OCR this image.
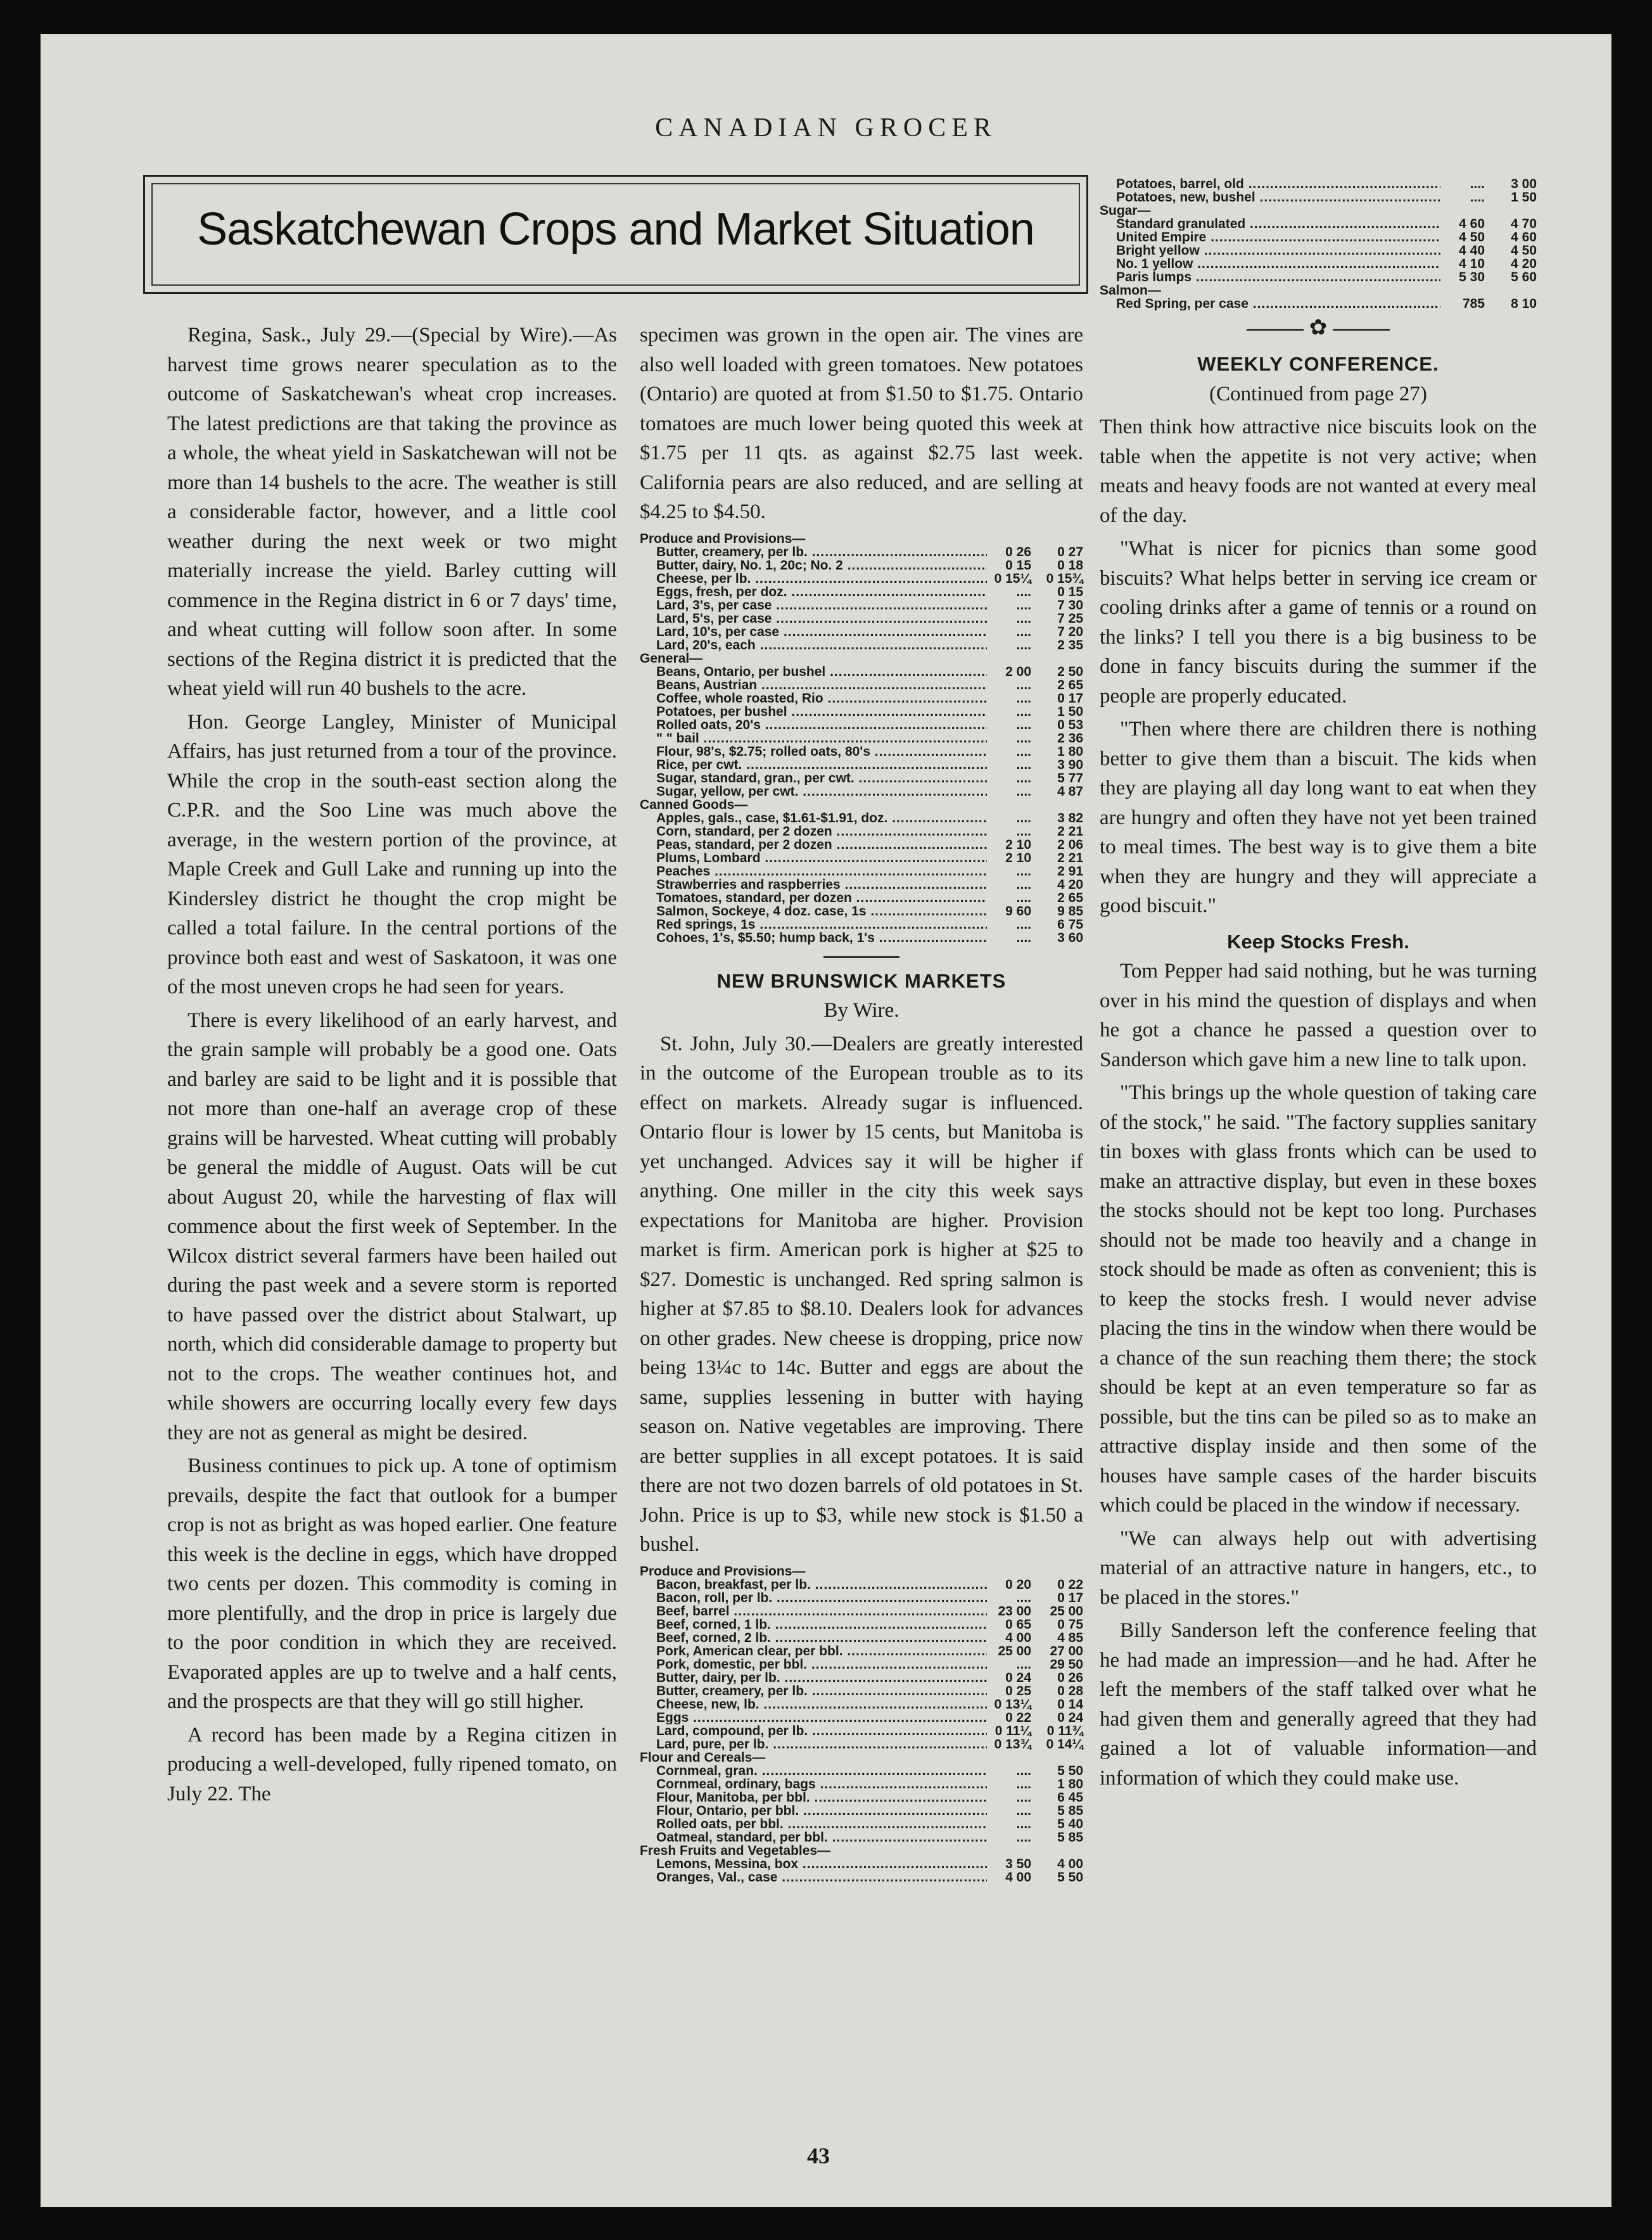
CANADIAN GROCER
Saskatchewan Crops and Market Situation

Regina, Sask., July 29.—(Special by Wire).—As harvest time grows nearer speculation as to the outcome of Saskatchewan's wheat crop increases. The latest predictions are that taking the province as a whole, the wheat yield in Saskatchewan will not be more than 14 bushels to the acre. The weather is still a considerable factor, however, and a little cool weather during the next week or two might materially increase the yield. Barley cutting will commence in the Regina district in 6 or 7 days' time, and wheat cutting will follow soon after. In some sections of the Regina district it is predicted that the wheat yield will run 40 bushels to the acre.

Hon. George Langley, Minister of Municipal Affairs, has just returned from a tour of the province. While the crop in the south-east section along the C.P.R. and the Soo Line was much above the average, in the western portion of the province, at Maple Creek and Gull Lake and running up into the Kindersley district he thought the crop might be called a total failure. In the central portions of the province both east and west of Saskatoon, it was one of the most uneven crops he had seen for years.

There is every likelihood of an early harvest, and the grain sample will probably be a good one. Oats and barley are said to be light and it is possible that not more than one-half an average crop of these grains will be harvested. Wheat cutting will probably be general the middle of August. Oats will be cut about August 20, while the harvesting of flax will commence about the first week of September. In the Wilcox district several farmers have been hailed out during the past week and a severe storm is reported to have passed over the district about Stalwart, up north, which did considerable damage to property but not to the crops. The weather continues hot, and while showers are occurring locally every few days they are not as general as might be desired.

Business continues to pick up. A tone of optimism prevails, despite the fact that outlook for a bumper crop is not as bright as was hoped earlier. One feature this week is the decline in eggs, which have dropped two cents per dozen. This commodity is coming in more plentifully, and the drop in price is largely due to the poor condition in which they are received. Evaporated apples are up to twelve and a half cents, and the prospects are that they will go still higher.

A record has been made by a Regina citizen in producing a well-developed, fully ripened tomato, on July 22. The

specimen was grown in the open air. The vines are also well loaded with green tomatoes. New potatoes (Ontario) are quoted at from $1.50 to $1.75. Ontario tomatoes are much lower being quoted this week at $1.75 per 11 qts. as against $2.75 last week. California pears are also reduced, and are selling at $4.25 to $4.50.

Produce and Provisions—
Butter, creamery, per lb. .....	0 26	0 27
Butter, dairy, No. 1, 20c; No. 2 .....	0 15	0 18
Cheese, per lb. .....	0 15¼	0 15¾
Eggs, fresh, per doz. .....	....	0 15
Lard, 3's, per case .....	....	7 30
Lard, 5's, per case .....	....	7 25
Lard, 10's, per case .....	....	7 20
Lard, 20's, each .....	....	2 35
General—
Beans, Ontario, per bushel .....	2 00	2 50
Beans, Austrian .....	....	2 65
Coffee, whole roasted, Rio .....	....	0 17
Potatoes, per bushel .....	....	1 50
Rolled oats, 20's .....	....	0 53
" " bail .....	....	2 36
Flour, 98's, $2.75; rolled oats, 80's .....	....	1 80
Rice, per cwt. .....	....	3 90
Sugar, standard, gran., per cwt. .....	....	5 77
Sugar, yellow, per cwt. .....	....	4 87
Canned Goods—
Apples, gals., case, $1.61-$1.91, doz. .....	....	3 82
Corn, standard, per 2 dozen .....	....	2 21
Peas, standard, per 2 dozen .....	2 10	2 06
Plums, Lombard .....	2 10	2 21
Peaches .....	....	2 91
Strawberries and raspberries .....	....	4 20
Tomatoes, standard, per dozen .....	....	2 65
Salmon, Sockeye, 4 doz. case, 1s .....	9 60	9 85
Red springs, 1s .....	....	6 75
Cohoes, 1's, $5.50; hump back, 1's .....	....	3 60
NEW BRUNSWICK MARKETS
By Wire.

St. John, July 30.—Dealers are greatly interested in the outcome of the European trouble as to its effect on markets. Already sugar is influenced. Ontario flour is lower by 15 cents, but Manitoba is yet unchanged. Advices say it will be higher if anything. One miller in the city this week says expectations for Manitoba are higher. Provision market is firm. American pork is higher at $25 to $27. Domestic is unchanged. Red spring salmon is higher at $7.85 to $8.10. Dealers look for advances on other grades. New cheese is dropping, price now being 13¼c to 14c. Butter and eggs are about the same, supplies lessening in butter with haying season on. Native vegetables are improving. There are better supplies in all except potatoes. It is said there are not two dozen barrels of old potatoes in St. John. Price is up to $3, while new stock is $1.50 a bushel.

Produce and Provisions—
Bacon, breakfast, per lb. .....	0 20	0 22
Bacon, roll, per lb. .....	....	0 17
Beef, barrel .....	23 00	25 00
Beef, corned, 1 lb. .....	0 65	0 75
Beef, corned, 2 lb. .....	4 00	4 85
Pork, American clear, per bbl. .....	25 00	27 00
Pork, domestic, per bbl. .....	....	29 50
Butter, dairy, per lb. .....	0 24	0 26
Butter, creamery, per lb. .....	0 25	0 28
Cheese, new, lb. .....	0 13¼	0 14
Eggs .....	0 22	0 24
Lard, compound, per lb. .....	0 11¼	0 11¾
Lard, pure, per lb. .....	0 13¾	0 14¼
Flour and Cereals—
Cornmeal, gran. .....	....	5 50
Cornmeal, ordinary, bags .....	....	1 80
Flour, Manitoba, per bbl. .....	....	6 45
Flour, Ontario, per bbl. .....	....	5 85
Rolled oats, per bbl. .....	....	5 40
Oatmeal, standard, per bbl. .....	....	5 85
Fresh Fruits and Vegetables—
Lemons, Messina, box .....	3 50	4 00
Oranges, Val., case .....	4 00	5 50
Potatoes, barrel, old .....	....	3 00
Potatoes, new, bushel .....	....	1 50
Sugar—
Standard granulated .....	4 60	4 70
United Empire .....	4 50	4 60
Bright yellow .....	4 40	4 50
No. 1 yellow .....	4 10	4 20
Paris lumps .....	5 30	5 60
Salmon—
Red Spring, per case .....	785	8 10
✿
WEEKLY CONFERENCE.
(Continued from page 27)

Then think how attractive nice biscuits look on the table when the appetite is not very active; when meats and heavy foods are not wanted at every meal of the day.

"What is nicer for picnics than some good biscuits? What helps better in serving ice cream or cooling drinks after a game of tennis or a round on the links? I tell you there is a big business to be done in fancy biscuits during the summer if the people are properly educated.

"Then where there are children there is nothing better to give them than a biscuit. The kids when they are playing all day long want to eat when they are hungry and often they have not yet been trained to meal times. The best way is to give them a bite when they are hungry and they will appreciate a good biscuit."

Keep Stocks Fresh.

Tom Pepper had said nothing, but he was turning over in his mind the question of displays and when he got a chance he passed a question over to Sanderson which gave him a new line to talk upon.

"This brings up the whole question of taking care of the stock," he said. "The factory supplies sanitary tin boxes with glass fronts which can be used to make an attractive display, but even in these boxes the stocks should not be kept too long. Purchases should not be made too heavily and a change in stock should be made as often as convenient; this is to keep the stocks fresh. I would never advise placing the tins in the window when there would be a chance of the sun reaching them there; the stock should be kept at an even temperature so far as possible, but the tins can be piled so as to make an attractive display inside and then some of the houses have sample cases of the harder biscuits which could be placed in the window if necessary.

"We can always help out with advertising material of an attractive nature in hangers, etc., to be placed in the stores."

Billy Sanderson left the conference feeling that he had made an impression—and he had. After he left the members of the staff talked over what he had given them and generally agreed that they had gained a lot of valuable information—and information of which they could make use.

43
